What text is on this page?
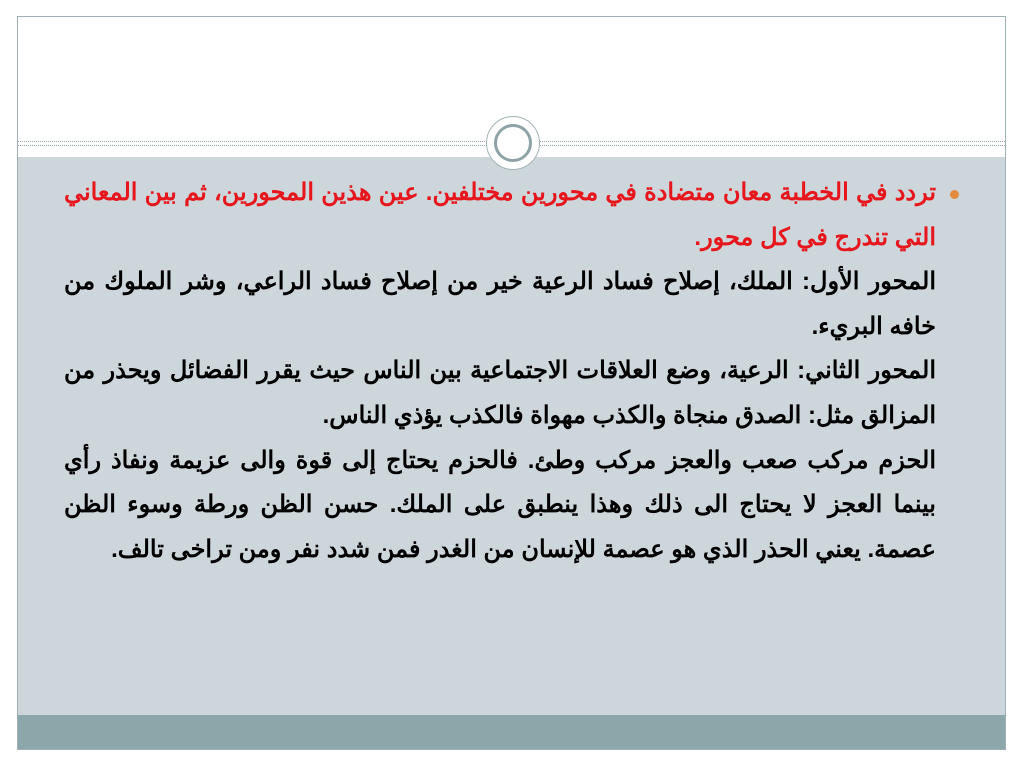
تردد في الخطبة معان متضادة في محورين مختلفين. عين هذين المحورين، ثم بين المعاني التي تندرج في كل محور.
المحور الأول: الملك، إصلاح فساد الرعية خير من إصلاح فساد الراعي، وشر الملوك من خافه البريء.
المحور الثاني: الرعية، وضع العلاقات الاجتماعية بين الناس حيث يقرر الفضائل ويحذر من المزالق مثل: الصدق منجاة والكذب مهواة فالكذب يؤذي الناس.
الحزم مركب صعب والعجز مركب وطئ. فالحزم يحتاج إلى قوة والى عزيمة ونفاذ رأي بينما العجز لا يحتاج الى ذلك وهذا ينطبق على الملك. حسن الظن ورطة وسوء الظن عصمة. يعني الحذر الذي هو عصمة للإنسان من الغدر فمن شدد نفر ومن تراخى تالف.
